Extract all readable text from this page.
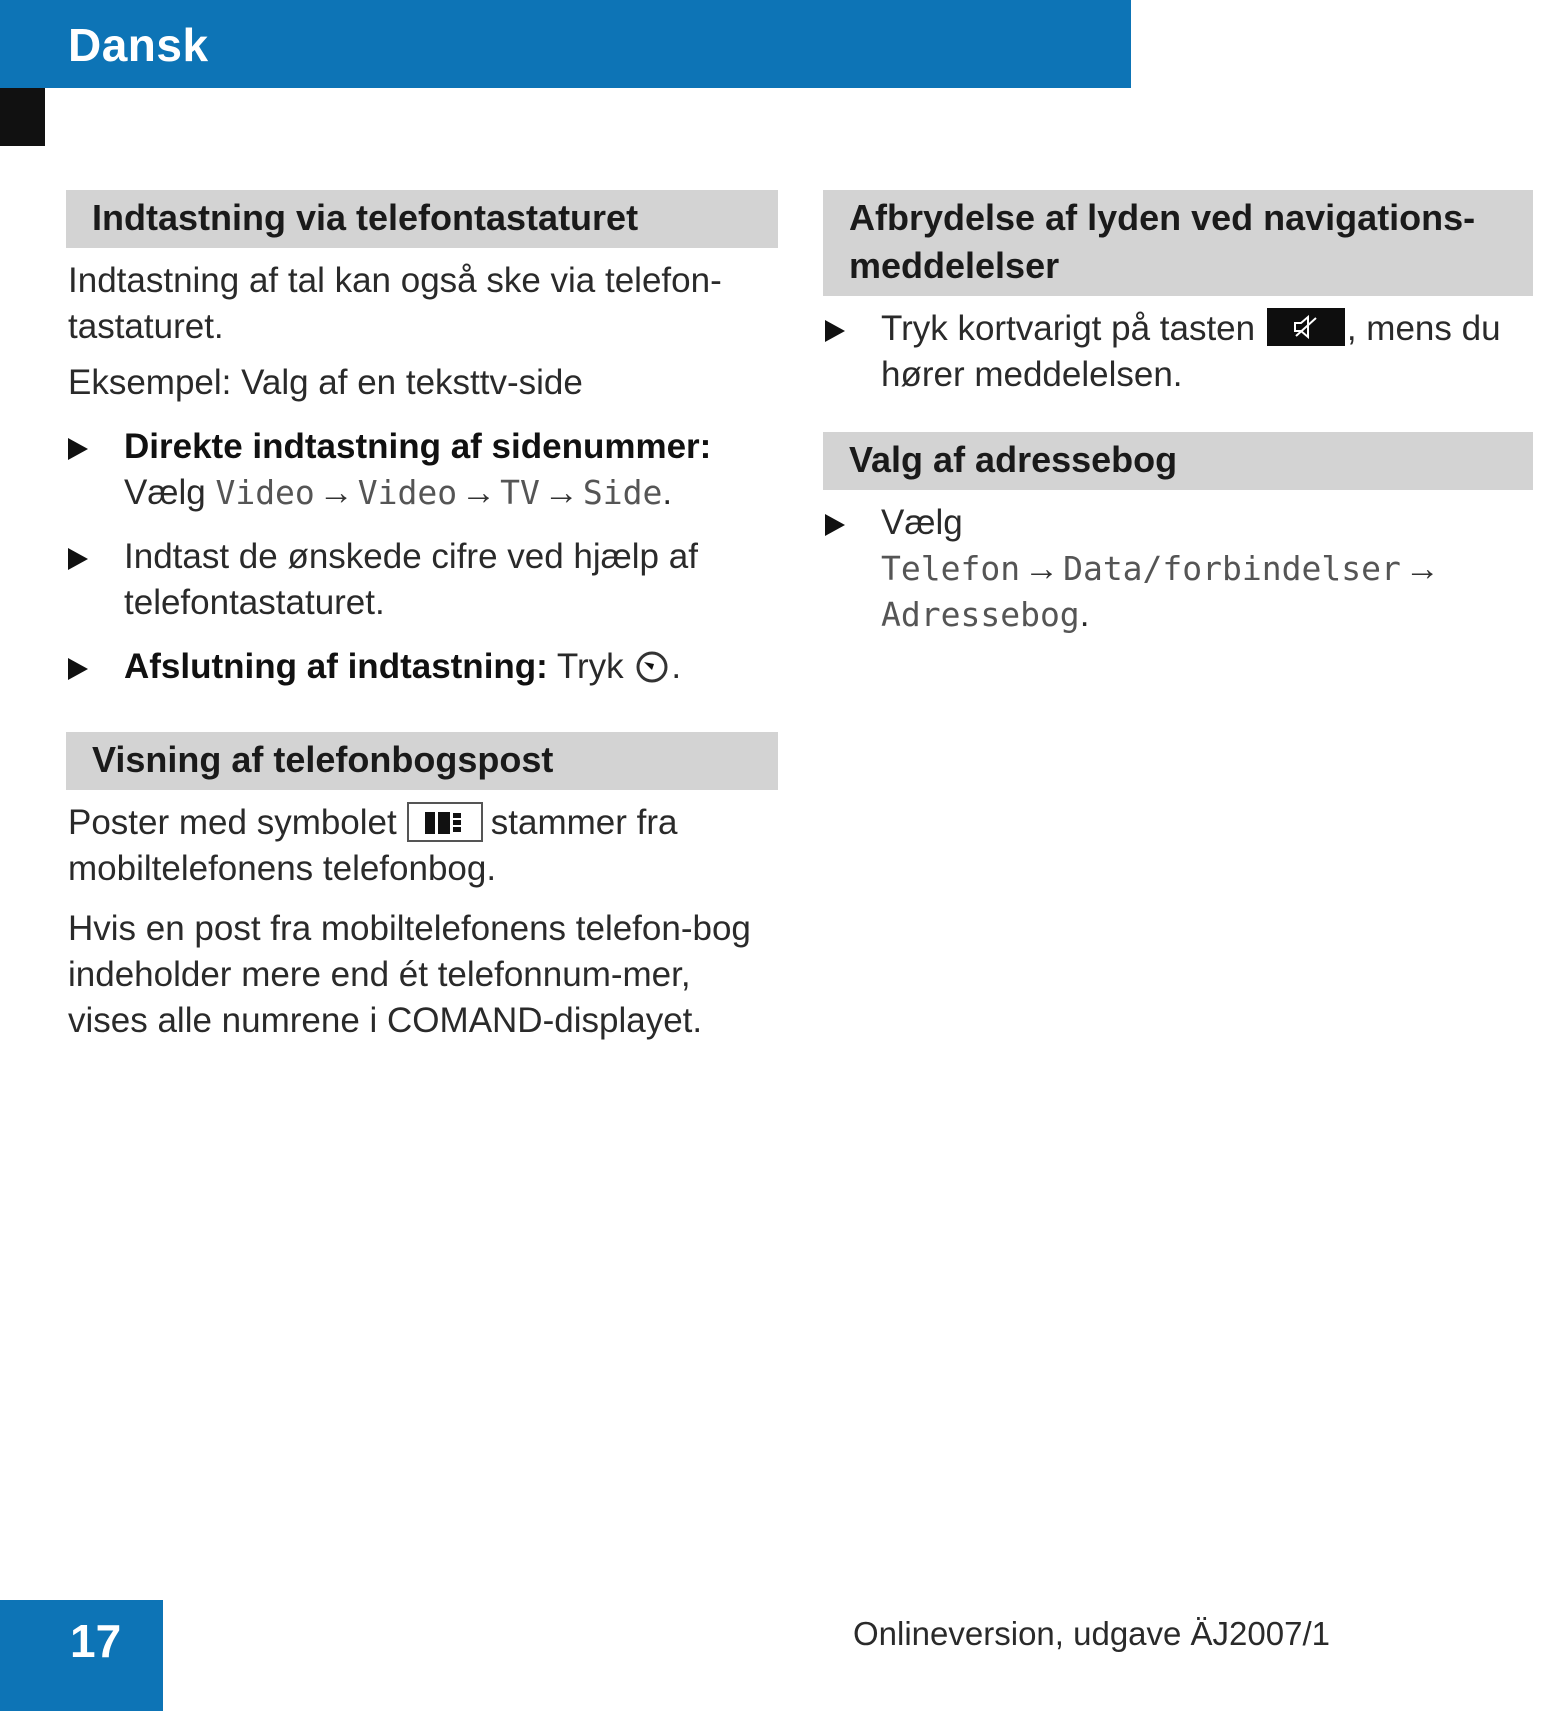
Dansk
Indtastning via telefontastaturet
Indtastning af tal kan også ske via telefon-tastaturet.
Eksempel: Valg af en teksttv-side
Direkte indtastning af sidenummer:
Vælg Video → Video → TV → Side.
Indtast de ønskede cifre ved hjælp af telefontastaturet.
Afslutning af indtastning: Tryk .
Visning af telefonbogspost
Poster med symbolet	stammer fra mobiltelefonens telefonbog.
Hvis en post fra mobiltelefonens telefon-bog indeholder mere end ét telefonnum-mer, vises alle numrene i COMAND-displayet.
Afbrydelse af lyden ved navigations-meddelelser
Tryk kortvarigt på tasten	, mens du hører meddelelsen.
Valg af adressebog
Vælg Telefon → Data/forbindelser →
Adressebog.
17	Onlineversion, udgave ÄJ2007/1
